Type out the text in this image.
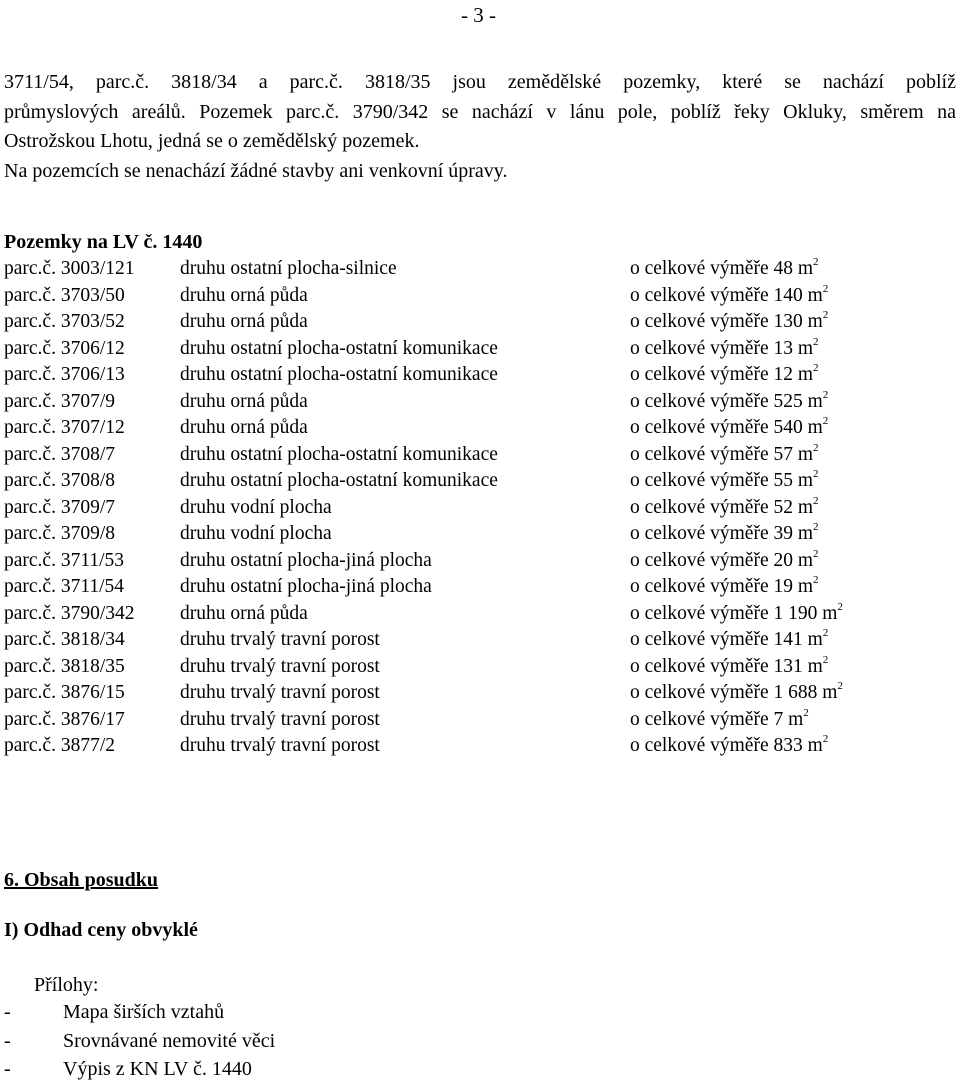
- 3 -
3711/54, parc.č. 3818/34 a parc.č. 3818/35 jsou zemědělské pozemky, které se nachází poblíž
průmyslových areálů. Pozemek parc.č. 3790/342 se nachází v lánu pole, poblíž řeky Okluky, směrem na
Ostrožskou Lhotu, jedná se o zemědělský pozemek.
Na pozemcích se nenachází žádné stavby ani venkovní úpravy.
Pozemky na LV č. 1440
parc.č. 3003/121 druhu ostatní plocha-silnice	o celkové výměře 48 $m^2$
parc.č. 3703/50	druhu orná půda	o celkové výměře 140 $m^2$
parc.č. 3703/52	druhu orná půda	o celkové výměře 130 $m^2$
parc.č. 3706/12	druhu ostatní plocha-ostatní komunikace	o celkové výměře 13 $m^2$
parc.č. 3706/13	druhu ostatní plocha-ostatní komunikace	o celkové výměře 12 $m^2$
parc.č. 3707/9	druhu orná půda	o celkové výměře 525 $m^2$
parc.č. 3707/12	druhu orná půda	o celkové výměře 540 $m^2$
parc.č. 3708/7	druhu ostatní plocha-ostatní komunikace	o celkové výměře 57 $m^2$
parc.č. 3708/8	druhu ostatní plocha-ostatní komunikace	o celkové výměře 55 $m^2$
parc.č. 3709/7	druhu vodní plocha	o celkové výměře 52 $m^2$
parc.č. 3709/8	druhu vodní plocha	o celkové výměře 39 $m^2$
parc.č. 3711/53	druhu ostatní plocha-jiná plocha	o celkové výměře 20 $m^2$
parc.č. 3711/54	druhu ostatní plocha-jiná plocha	o celkové výměře 19 $m^2$
parc.č. 3790/342 druhu orná půda	o celkové výměře 1 190 $m^2$
parc.č. 3818/34	druhu trvalý travní porost	o celkové výměře 141 $m^2$
parc.č. 3818/35	druhu trvalý travní porost	o celkové výměře 131 $m^2$
parc.č. 3876/15	druhu trvalý travní porost	o celkové výměře 1 688 $m^2$
parc.č. 3876/17	druhu trvalý travní porost	o celkové výměře 7 $m^2$
parc.č. 3877/2	druhu trvalý travní porost	o celkové výměře 833 $m^2$
6. Obsah posudku
I) Odhad ceny obvyklé
Přílohy:
-	Mapa širších vztahů
-	Srovnávané nemovité věci
-	Výpis z KN LV č. 1440
